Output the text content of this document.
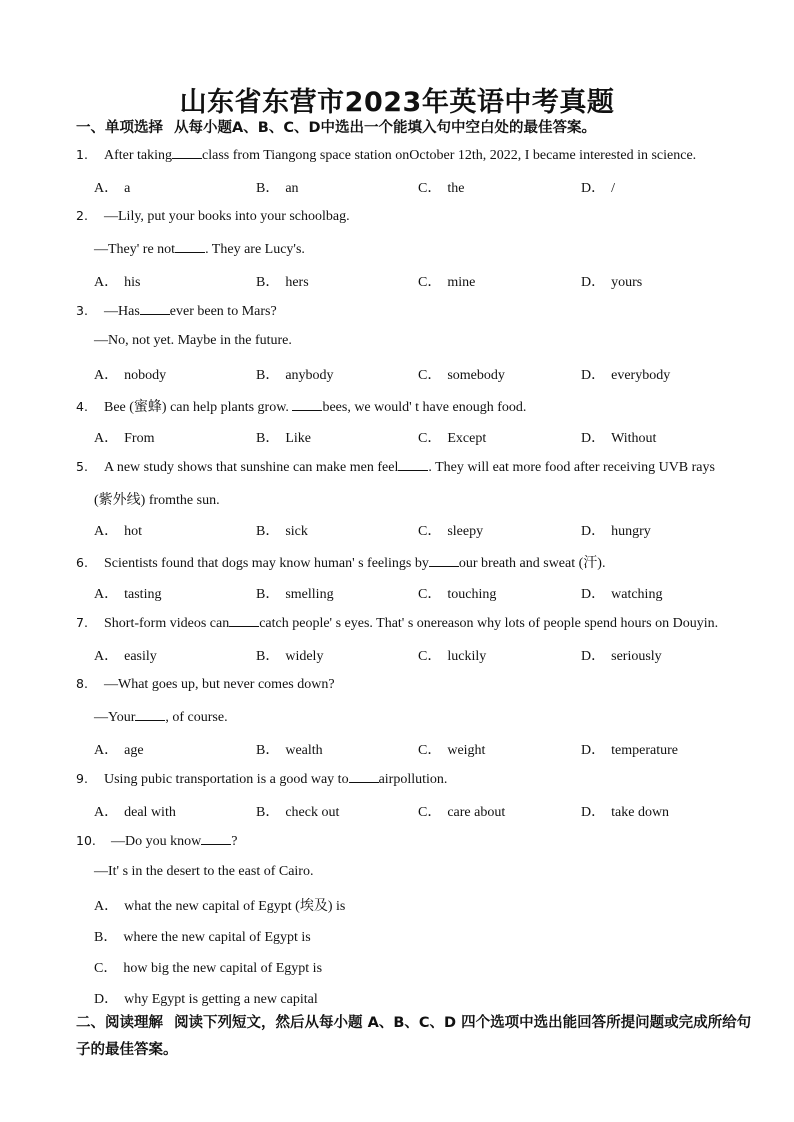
山东省东营市2023年英语中考真题
一、单项选择 从每小题A、B、C、D中选出一个能填入句中空白处的最佳答案。
1. After taking class from Tiangong space station onOctober 12th, 2022, I became interested in science.
A． a	B． an	C． the	D． /
2. —Lily, put your books into your schoolbag.
—They' re not . They are Lucy's.
A． his	B． hers	C． mine	D． yours
3. —Has ever been to Mars?
—No, not yet. Maybe in the future.
A． nobody	B． anybody	C． somebody	D． everybody
4. Bee (蜜蜂) can help plants grow. bees, we would' t have enough food.
A． From	B． Like	C． Except	D． Without
5. A new study shows that sunshine can make men feel . They will eat more food after receiving UVB rays
(紫外线) fromthe sun.
A． hot	B． sick	C． sleepy	D． hungry
6. Scientists found that dogs may know human' s feelings by our breath and sweat (汗).
A． tasting	B． smelling	C． touching	D． watching
7. Short-form videos can catch people' s eyes. That' s onereason why lots of people spend hours on Douyin.
A． easily	B． widely	C． luckily	D． seriously
8. —What goes up, but never comes down?
—Your , of course.
A． age	B． wealth	C． weight	D． temperature
9. Using pubic transportation is a good way to airpollution.
A． deal with	B． check out	C． care about	D． take down
10. —Do you know ?
—It' s in the desert to the east of Cairo.
A． what the new capital of Egypt (埃及) is
B． where the new capital of Egypt is
C． how big the new capital of Egypt is
D． why Egypt is getting a new capital
二、阅读理解 阅读下列短文，然后从每小题 A、B、C、D 四个选项中选出能回答所提问题或完成所给句子的最佳答案。
